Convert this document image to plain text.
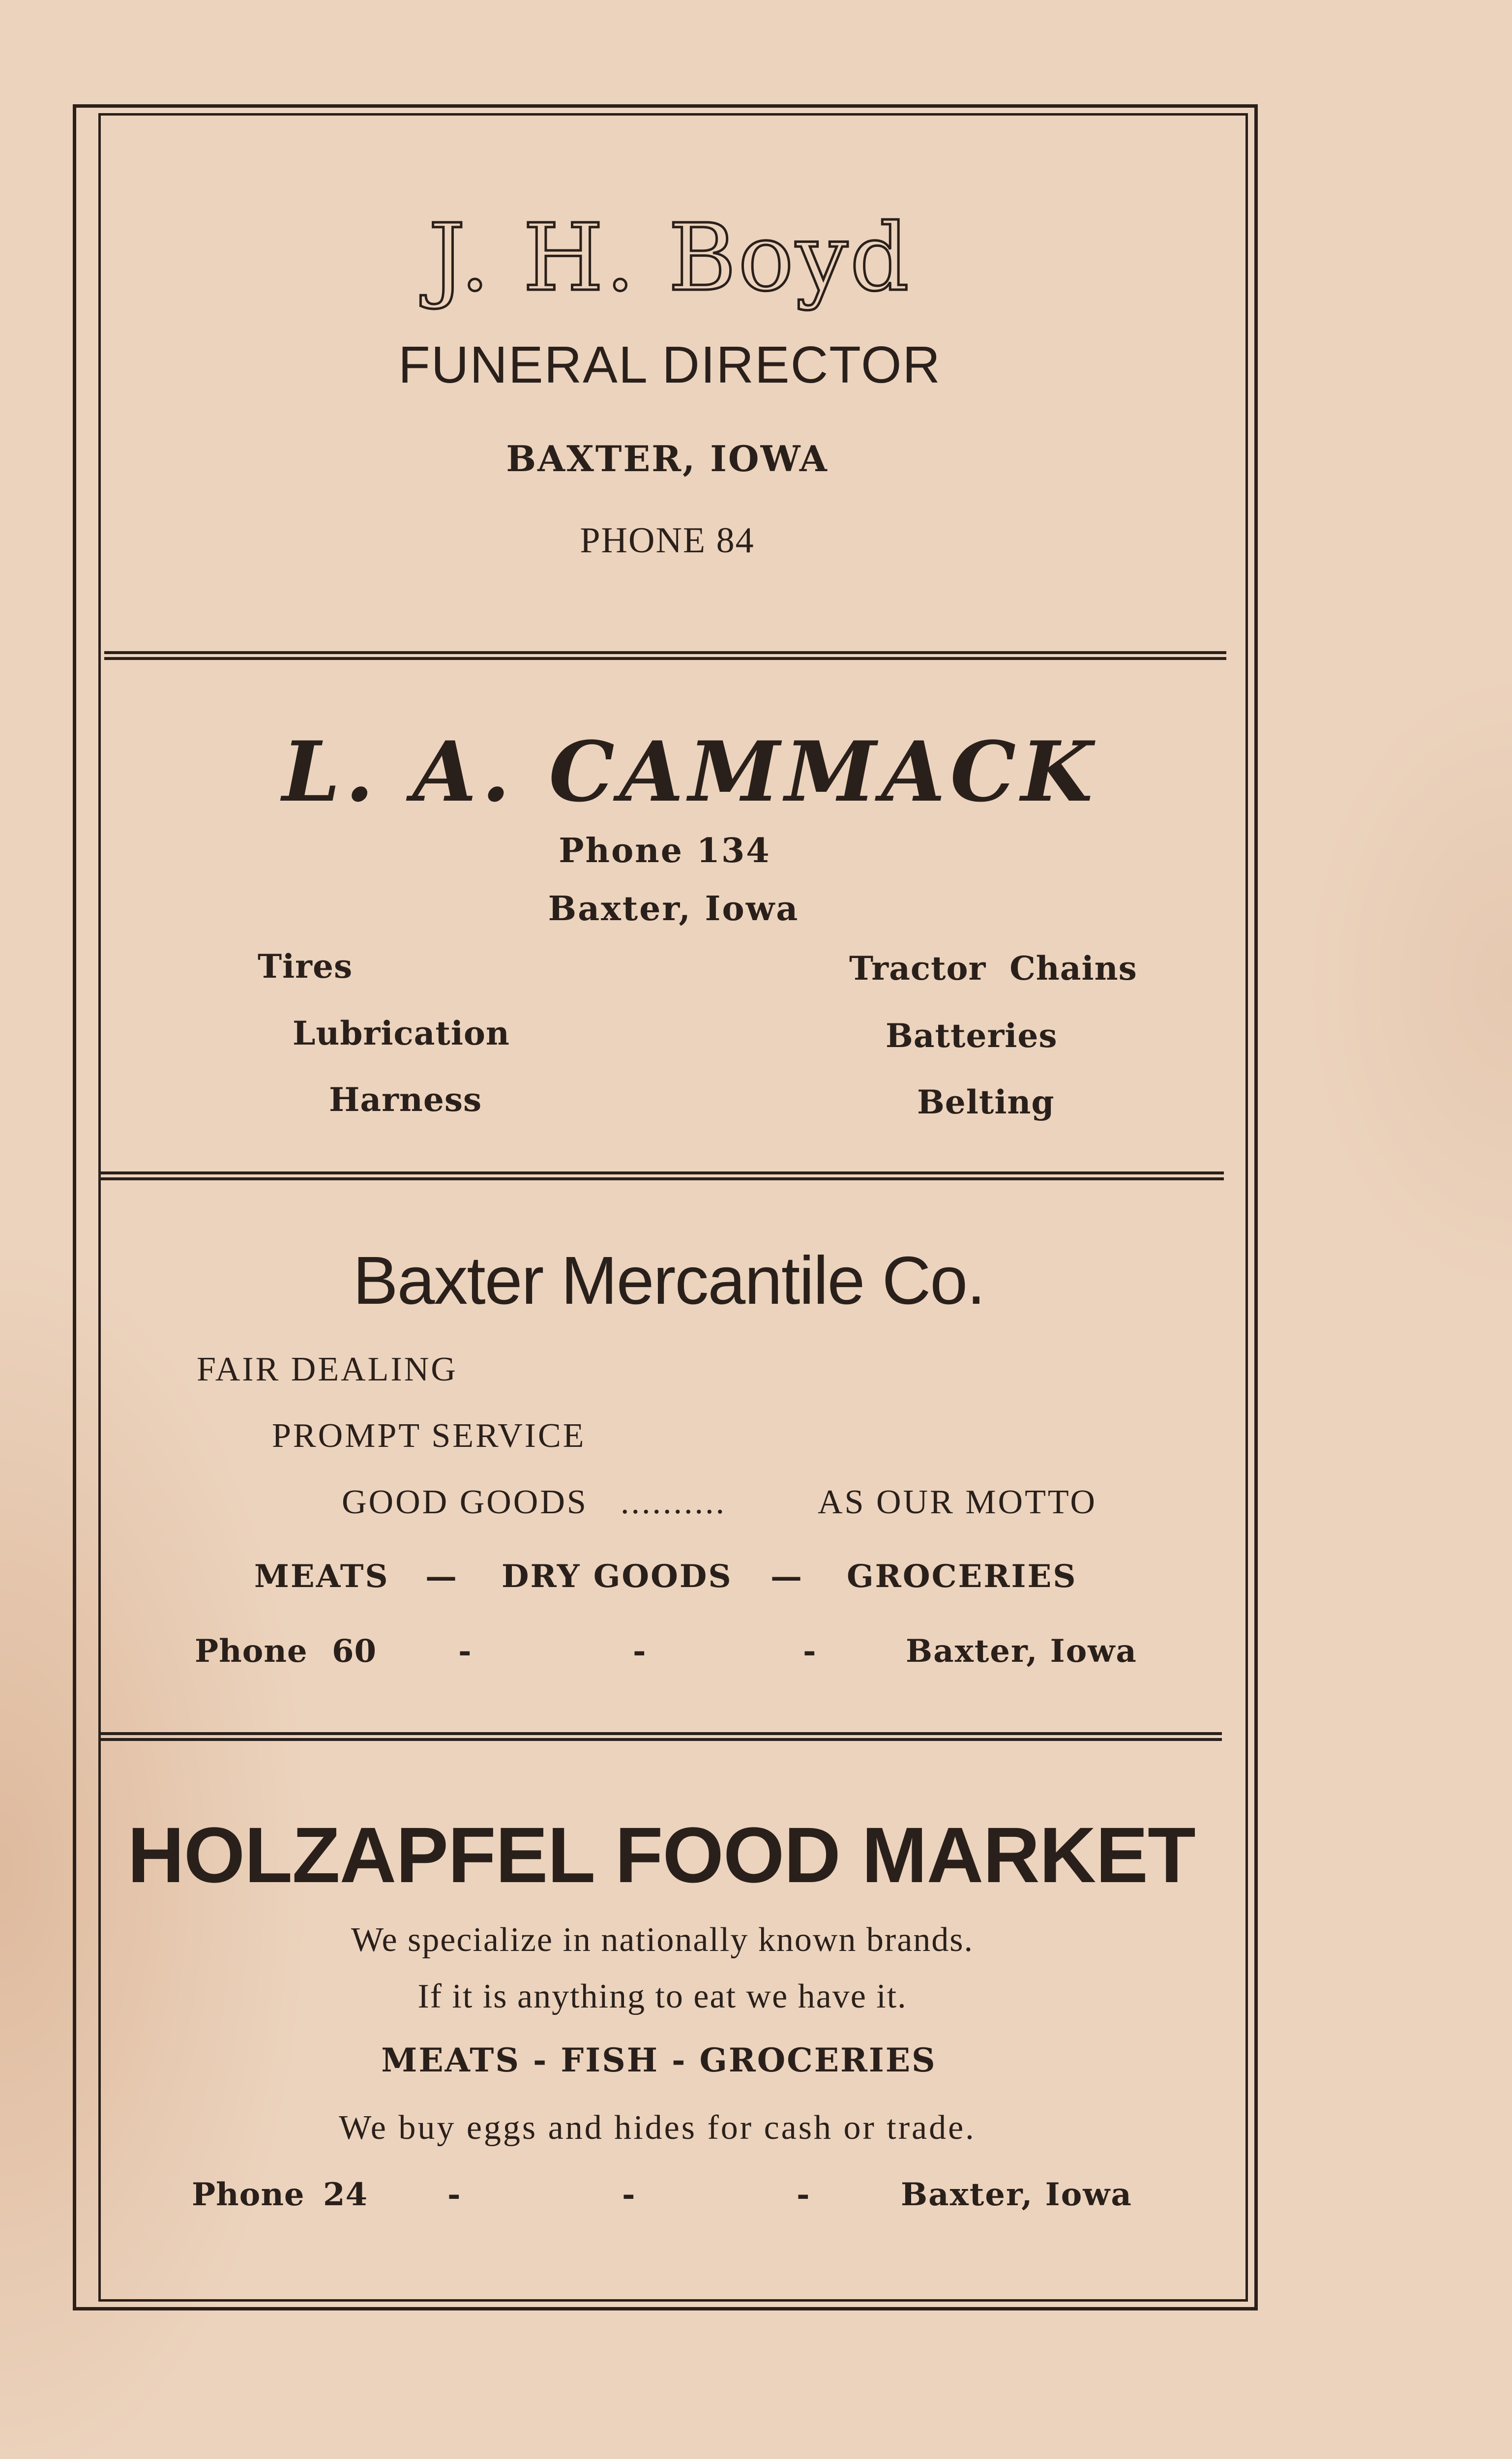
J. H. Boyd
FUNERAL DIRECTOR
BAXTER, IOWA
PHONE 84
L. A. CAMMACK
Phone 134
Baxter, Iowa
Tires
Lubrication
Harness
Tractor  Chains
Batteries
Belting
Baxter Mercantile Co.
FAIR DEALING
PROMPT SERVICE
GOOD GOODS ..........	AS OUR MOTTO
MEATS — DRY GOODS — GROCERIES
Phone 60	-	-	-	Baxter, Iowa
HOLZAPFEL FOOD MARKET
We specialize in nationally known brands.
If it is anything to eat we have it.
MEATS - FISH - GROCERIES
We buy eggs and hides for cash or trade.
Phone 24	-	-	-	Baxter, Iowa
